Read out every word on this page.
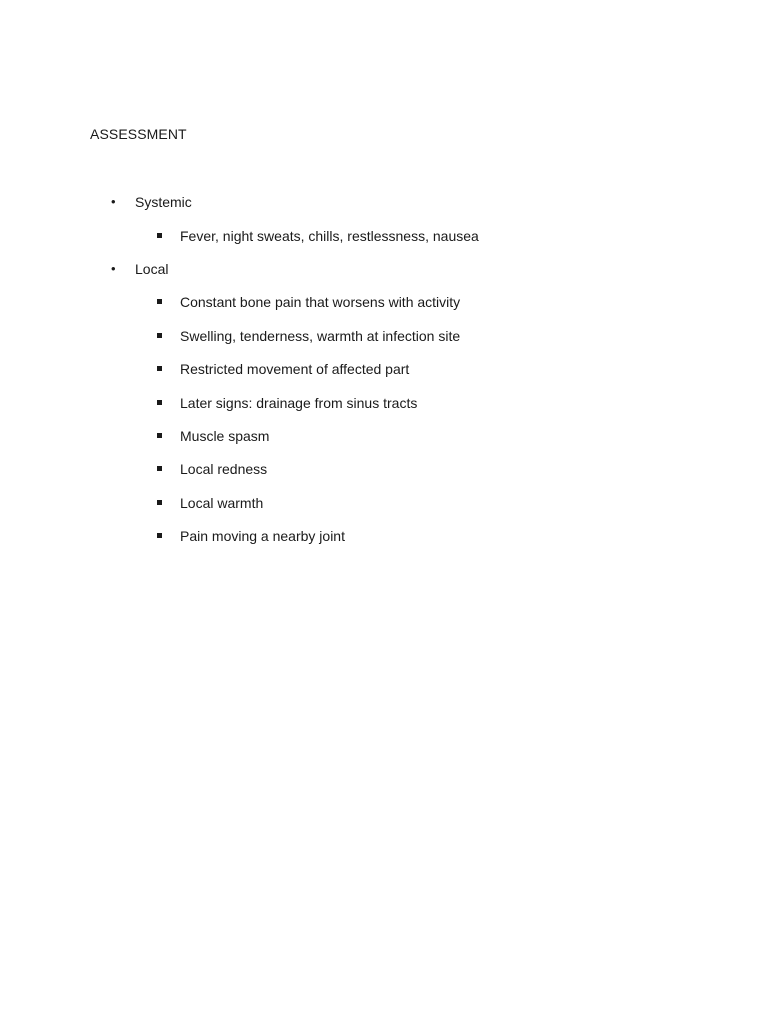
ASSESSMENT
• Systemic
Fever, night sweats, chills, restlessness, nausea
• Local
Constant bone pain that worsens with activity
Swelling, tenderness, warmth at infection site
Restricted movement of affected part
Later signs: drainage from sinus tracts
Muscle spasm
Local redness
Local warmth
Pain moving a nearby joint
